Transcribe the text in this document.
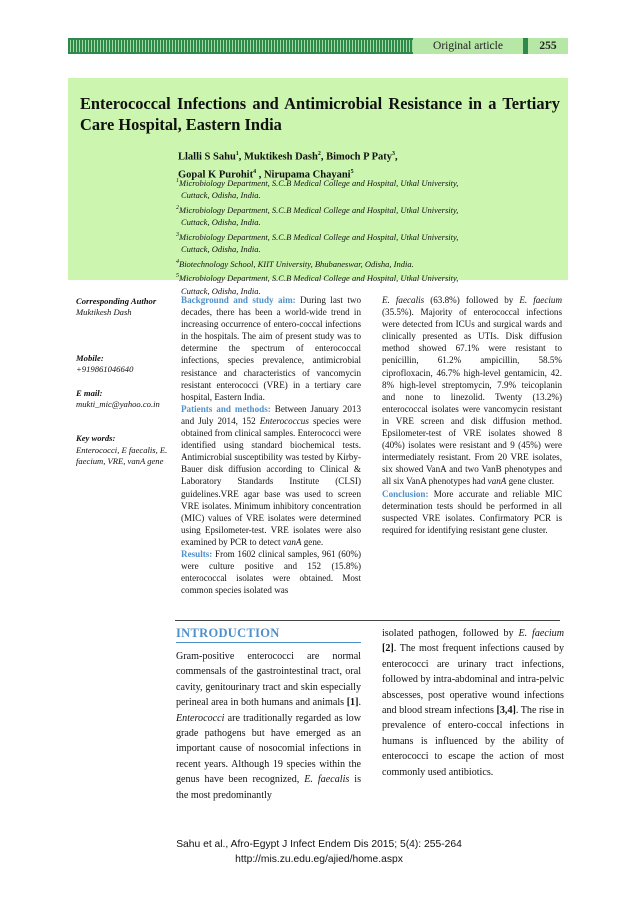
Original article	255
Enterococcal Infections and Antimicrobial Resistance in a Tertiary Care Hospital, Eastern India
Llalli S Sahu$^1$, Muktikesh Dash$^2$, Bimoch P Paty$^3$,
Gopal K Purohit$^4$ , Nirupama Chayani$^5$
$^1$Microbiology Department, S.C.B Medical College and Hospital, Utkal University,
Cuttack, Odisha, India.
$^2$Microbiology Department, S.C.B Medical College and Hospital, Utkal University,
Cuttack, Odisha, India.
$^3$Microbiology Department, S.C.B Medical College and Hospital, Utkal University,
Cuttack, Odisha, India.
$^4$Biotechnology School, KIIT University, Bhubaneswar, Odisha, India.
$^5$Microbiology Department, S.C.B Medical College and Hospital, Utkal University,
Cuttack, Odisha, India.
Corresponding Author
Muktikesh Dash
Mobile:
+919861046640
E mail:
mukti_mic@yahoo.co.in
Key words:
Enterococci, E faecalis, E. faecium, VRE, vanA gene
Background and study aim: During last two decades, there has been a world-wide trend in increasing occurrence of entero-coccal infections in the hospitals. The aim of present study was to determine the spectrum of enterococcal infections, species prevalence, antimicrobial resistance and characteristics of vancomycin resistant enterococci (VRE) in a tertiary care hospital, Eastern India.
Patients and methods: Between January 2013 and July 2014, 152 Enterococcus species were obtained from clinical samples. Enterococci were identified using standard biochemical tests. Antimicrobial susceptibility was tested by Kirby-Bauer disk diffusion according to Clinical & Laboratory Standards Institute (CLSI) guidelines.VRE agar base was used to screen VRE isolates. Minimum inhibitory concentration (MIC) values of VRE isolates were determined using Epsilometer-test. VRE isolates were also examined by PCR to detect vanA gene.
Results: From 1602 clinical samples, 961 (60%) were culture positive and 152 (15.8%) enterococcal isolates were obtained. Most common species isolated was
E. faecalis (63.8%) followed by E. faecium (35.5%). Majority of enterococcal infections were detected from ICUs and surgical wards and clinically presented as UTIs. Disk diffusion method showed 67.1% were resistant to penicillin, 61.2% ampicillin, 58.5% ciprofloxacin, 46.7% high-level gentamicin, 42. 8% high-level streptomycin, 7.9% teicoplanin and none to linezolid. Twenty (13.2%) enterococcal isolates were vancomycin resistant in VRE screen and disk diffusion method. Epsilometer-test of VRE isolates showed 8 (40%) isolates were resistant and 9 (45%) were intermediately resistant. From 20 VRE isolates, six showed VanA and two VanB phenotypes and all six VanA phenotypes had vanA gene cluster.
Conclusion: More accurate and reliable MIC determination tests should be performed in all suspected VRE isolates. Confirmatory PCR is required for identifying resistant gene cluster.
INTRODUCTION
Gram-positive enterococci are normal commensals of the gastrointestinal tract, oral cavity, genitourinary tract and skin especially perineal area in both humans and animals [1]. Enterococci are traditionally regarded as low grade pathogens but have emerged as an important cause of nosocomial infections in recent years. Although 19 species within the genus have been recognized, E. faecalis is the most predominantly
isolated pathogen, followed by E. faecium [2]. The most frequent infections caused by enterococci are urinary tract infections, followed by intra-abdominal and intra-pelvic abscesses, post operative wound infections and blood stream infections [3,4]. The rise in prevalence of entero-coccal infections in humans is influenced by the ability of enterococci to escape the action of most commonly used antibiotics.
Sahu et al., Afro-Egypt J Infect Endem Dis 2015; 5(4): 255-264
http://mis.zu.edu.eg/ajied/home.aspx
